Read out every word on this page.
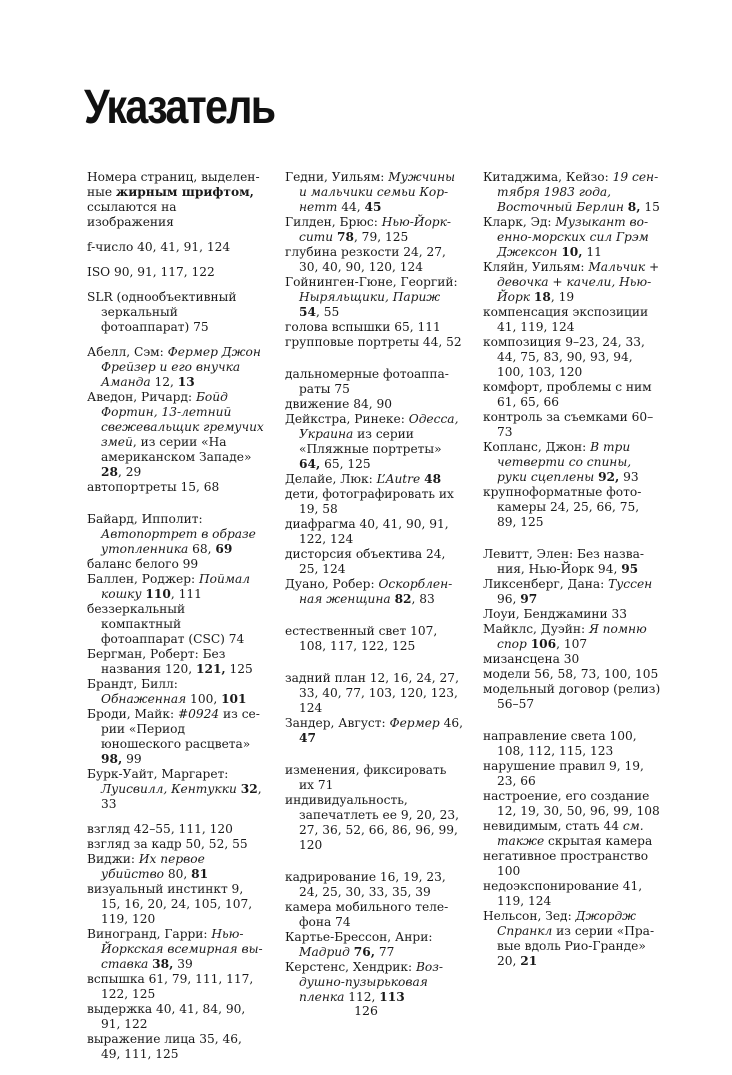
Указатель

Номера страниц, выделенные жирным шрифтом, ссылаются на изображения

f-число 40, 41, 91, 124

ISO 90, 91, 117, 122

SLR (однообъективный зеркальный фотоаппарат) 75

Абелл, Сэм: Фермер Джон Фрейзер и его внучка Аманда 12, 13

Аведон, Ричард: Бойд Фортин, 13-летний свежевальщик гремучих змей, из серии «На американском Западе» 28, 29

автопортреты 15, 68

Байард, Ипполит: Автопортрет в образе утопленника 68, 69

баланс белого 99

Баллен, Роджер: Поймал кошку 110, 111

беззеркальный компактный фотоаппарат (CSC) 74

Бергман, Роберт: Без названия 120, 121, 125

Брандт, Билл: Обнаженная 100, 101

Броди, Майк: #0924 из серии «Период юношеского расцвета» 98, 99

Бурк-Уайт, Маргарет: Луисвилл, Кентукки 32, 33

взгляд 42–55, 111, 120

взгляд за кадр 50, 52, 55

Виджи: Их первое убийство 80, 81

визуальный инстинкт 9, 15, 16, 20, 24, 105, 107, 119, 120

Виногранд, Гарри: Нью-Йоркская всемирная выставка 38, 39

вспышка 61, 79, 111, 117, 122, 125

выдержка 40, 41, 84, 90, 91, 122

выражение лица 35, 46, 49, 111, 125

Гедни, Уильям: Мужчины и мальчики семьи Корнетт 44, 45

Гилден, Брюс: Нью-Йорксити 78, 79, 125

глубина резкости 24, 27, 30, 40, 90, 120, 124

Гойнинген-Гюне, Георгий: Ныряльщики, Париж 54, 55

голова вспышки 65, 111

групповые портреты 44, 52

дальномерные фотоаппараты 75

движение 84, 90

Дейкстра, Ринеке: Одесса, Украина из серии «Пляжные портреты» 64, 65, 125

Делайе, Люк: L’Autre 48

дети, фотографировать их 19, 58

диафрагма 40, 41, 90, 91, 122, 124

дисторсия объектива 24, 25, 124

Дуано, Робер: Оскорбленная женщина 82, 83

естественный свет 107, 108, 117, 122, 125

задний план 12, 16, 24, 27, 33, 40, 77, 103, 120, 123, 124

Зандер, Август: Фермер 46, 47

изменения, фиксировать их 71

индивидуальность, запечатлеть ее 9, 20, 23, 27, 36, 52, 66, 86, 96, 99, 120

кадрирование 16, 19, 23, 24, 25, 30, 33, 35, 39

камера мобильного телефона 74

Картье-Брессон, Анри: Мадрид 76, 77

Керстенс, Хендрик: Воздушно-пузырьковая пленка 112, 113

Китаджима, Кейзо: 19 сентября 1983 года, Восточный Берлин 8, 15

Кларк, Эд: Музыкант военно-морских сил Грэм Джексон 10, 11

Кляйн, Уильям: Мальчик + девочка + качели, Нью-Йорк 18, 19

компенсация экспозиции 41, 119, 124

композиция 9–23, 24, 33, 44, 75, 83, 90, 93, 94, 100, 103, 120

комфорт, проблемы с ним 61, 65, 66

контроль за съемками 60–73

Копланс, Джон: В три четверти со спины, руки сцеплены 92, 93

крупноформатные фотокамеры 24, 25, 66, 75, 89, 125

Левитт, Элен: Без названия, Нью-Йорк 94, 95

Ликсенберг, Дана: Туссен 96, 97

Лоуи, Бенджамини 33

Майклс, Дуэйн: Я помню спор 106, 107

мизансцена 30

модели 56, 58, 73, 100, 105

модельный договор (релиз) 56–57

направление света 100, 108, 112, 115, 123

нарушение правил 9, 19, 23, 66

настроение, его создание 12, 19, 30, 50, 96, 99, 108

невидимым, стать 44 см. также скрытая камера

негативное пространство 100

недоэкспонирование 41, 119, 124

Нельсон, Зед: Джордж Спранкл из серии «Правые вдоль Рио-Гранде» 20, 21

126
